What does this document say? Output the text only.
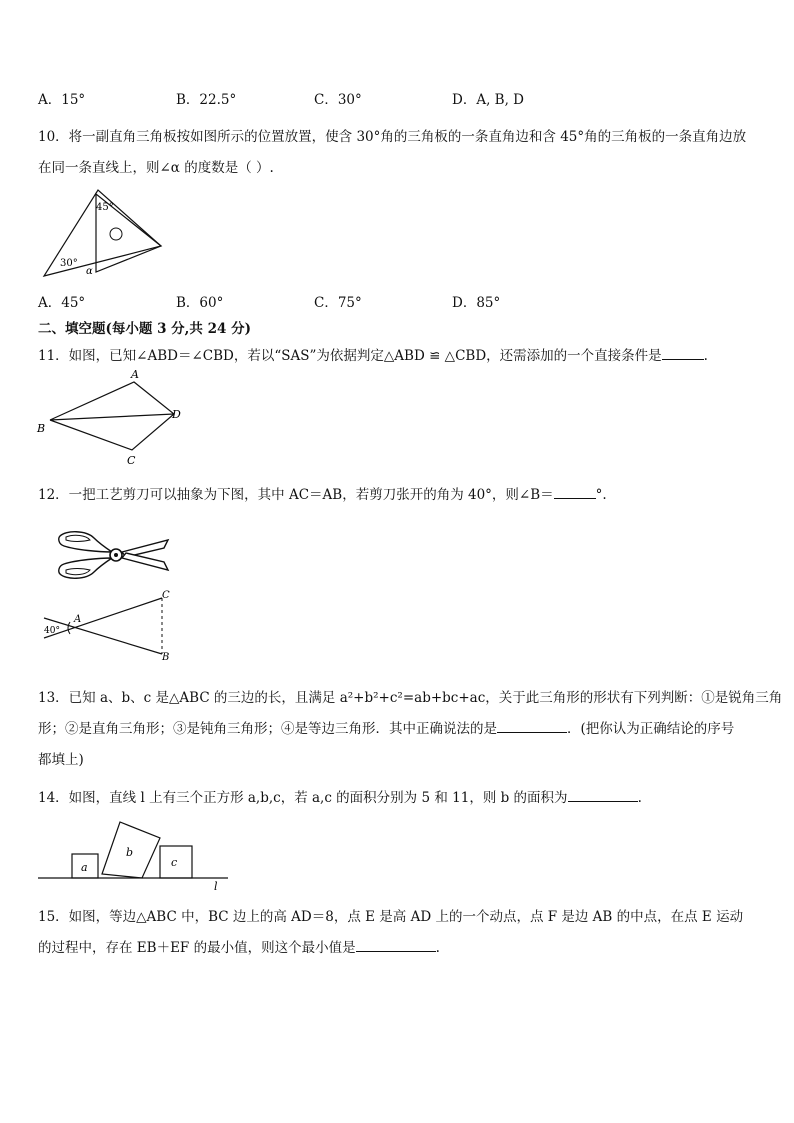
A．15°	B．22.5°	C．30°	D．A, B, D
10．将一副直角三角板按如图所示的位置放置，使含 30°角的三角板的一条直角边和含 45°角的三角板的一条直角边放
在同一条直线上，则∠α 的度数是（ ）.
45°
30°
α
A．45°	B．60°	C．75°	D．85°
二、填空题(每小题 3 分,共 24 分)
11．如图，已知∠ABD＝∠CBD，若以“SAS”为依据判定△ABD ≌ △CBD，还需添加的一个直接条件是	.
A
B
C
D
12．一把工艺剪刀可以抽象为下图，其中 AC＝AB，若剪刀张开的角为 40°，则∠B＝	°.
A
C
B
40°
13．已知 a、b、c 是△ABC 的三边的长，且满足 a²+b²+c²=ab+bc+ac，关于此三角形的形状有下列判断：①是锐角三角
形；②是直角三角形；③是钝角三角形；④是等边三角形．其中正确说法的是	．(把你认为正确结论的序号
都填上)
14．如图，直线 l 上有三个正方形 a,b,c，若 a,c 的面积分别为 5 和 11，则 b 的面积为	.
a
b
c
l
15．如图，等边△ABC 中，BC 边上的高 AD＝8，点 E 是高 AD 上的一个动点，点 F 是边 AB 的中点，在点 E 运动
的过程中，存在 EB＋EF 的最小值，则这个最小值是	.
